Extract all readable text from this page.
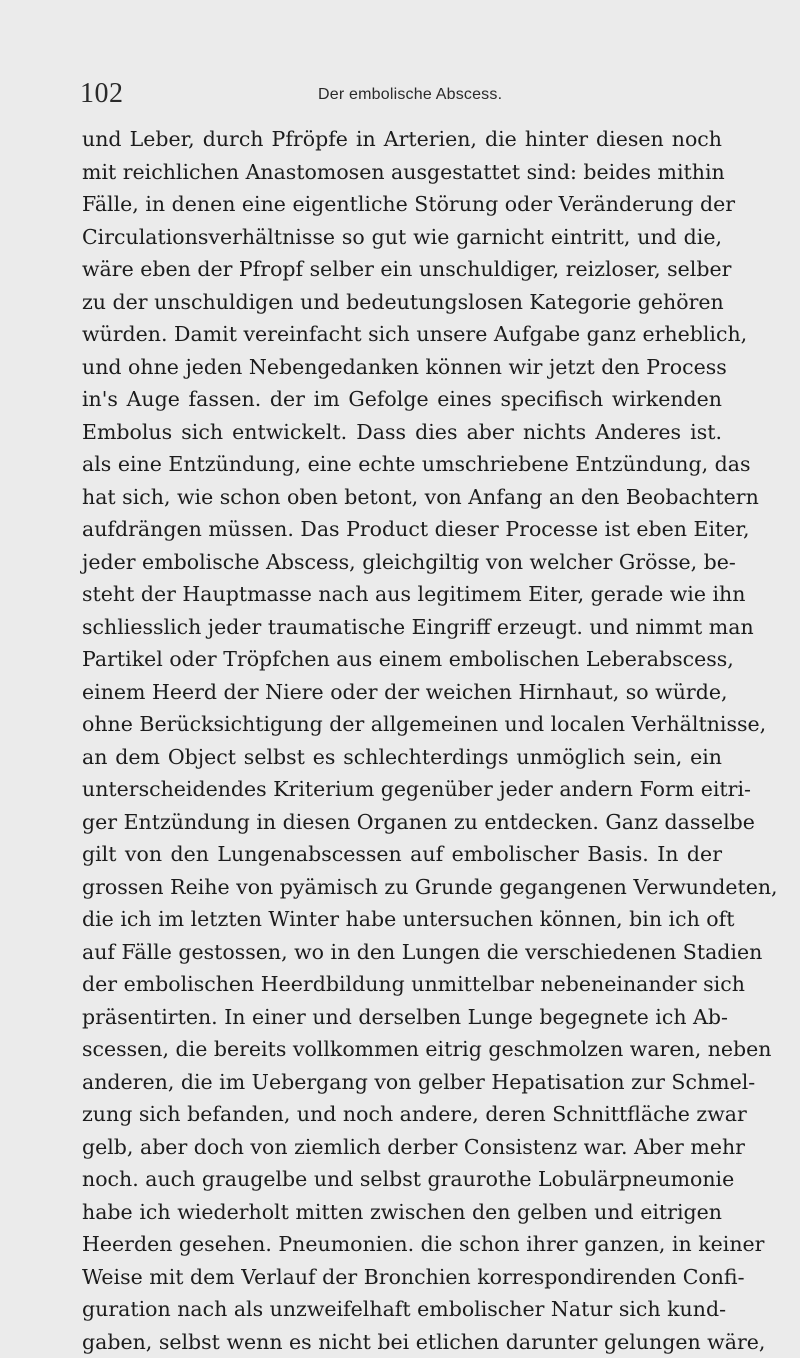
102	Der embolische Abscess.
und Leber, durch Pfröpfe in Arterien, die hinter diesen noch
mit reichlichen Anastomosen ausgestattet sind: beides mithin
Fälle, in denen eine eigentliche Störung oder Veränderung der
Circulationsverhältnisse so gut wie garnicht eintritt, und die,
wäre eben der Pfropf selber ein unschuldiger, reizloser, selber
zu der unschuldigen und bedeutungslosen Kategorie gehören
würden. Damit vereinfacht sich unsere Aufgabe ganz erheblich,
und ohne jeden Nebengedanken können wir jetzt den Process
in's Auge fassen. der im Gefolge eines specifisch wirkenden
Embolus sich entwickelt. Dass dies aber nichts Anderes ist.
als eine Entzündung, eine echte umschriebene Entzündung, das
hat sich, wie schon oben betont, von Anfang an den Beobachtern
aufdrängen müssen. Das Product dieser Processe ist eben Eiter,
jeder embolische Abscess, gleichgiltig von welcher Grösse, be-
steht der Hauptmasse nach aus legitimem Eiter, gerade wie ihn
schliesslich jeder traumatische Eingriff erzeugt. und nimmt man
Partikel oder Tröpfchen aus einem embolischen Leberabscess,
einem Heerd der Niere oder der weichen Hirnhaut, so würde,
ohne Berücksichtigung der allgemeinen und localen Verhältnisse,
an dem Object selbst es schlechterdings unmöglich sein, ein
unterscheidendes Kriterium gegenüber jeder andern Form eitri-
ger Entzündung in diesen Organen zu entdecken. Ganz dasselbe
gilt von den Lungenabscessen auf embolischer Basis. In der
grossen Reihe von pyämisch zu Grunde gegangenen Verwundeten,
die ich im letzten Winter habe untersuchen können, bin ich oft
auf Fälle gestossen, wo in den Lungen die verschiedenen Stadien
der embolischen Heerdbildung unmittelbar nebeneinander sich
präsentirten. In einer und derselben Lunge begegnete ich Ab-
scessen, die bereits vollkommen eitrig geschmolzen waren, neben
anderen, die im Uebergang von gelber Hepatisation zur Schmel-
zung sich befanden, und noch andere, deren Schnittfläche zwar
gelb, aber doch von ziemlich derber Consistenz war. Aber mehr
noch. auch graugelbe und selbst graurothe Lobulärpneumonie
habe ich wiederholt mitten zwischen den gelben und eitrigen
Heerden gesehen. Pneumonien. die schon ihrer ganzen, in keiner
Weise mit dem Verlauf der Bronchien korrespondirenden Confi-
guration nach als unzweifelhaft embolischer Natur sich kund-
gaben, selbst wenn es nicht bei etlichen darunter gelungen wäre,
